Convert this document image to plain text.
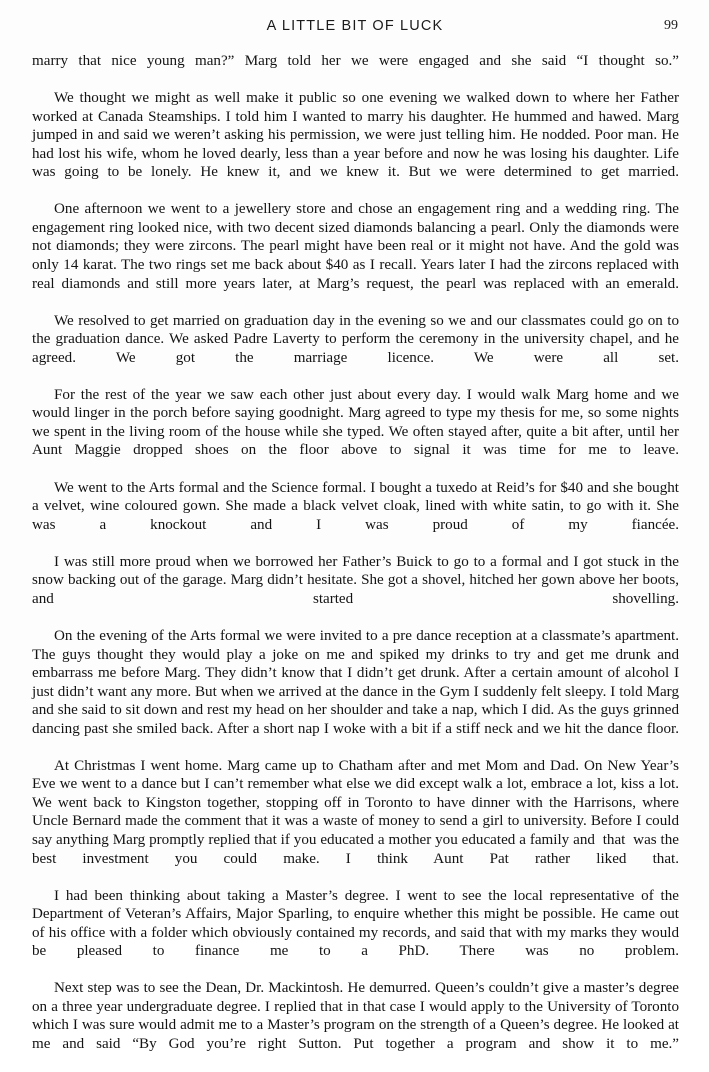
A LITTLE BIT OF LUCK	99

marry that nice young man?” Marg told her we were engaged and she said “I thought so.”

We thought we might as well make it public so one evening we walked down to where her Father worked at Canada Steamships. I told him I wanted to marry his daughter. He hummed and hawed. Marg jumped in and said we weren’t asking his permission, we were just telling him. He nodded. Poor man. He had lost his wife, whom he loved dearly, less than a year before and now he was losing his daughter. Life was going to be lonely. He knew it, and we knew it. But we were determined to get married.

One afternoon we went to a jewellery store and chose an engagement ring and a wedding ring. The engagement ring looked nice, with two decent sized diamonds balancing a pearl. Only the diamonds were not diamonds; they were zircons. The pearl might have been real or it might not have. And the gold was only 14 karat. The two rings set me back about $40 as I recall. Years later I had the zircons replaced with real diamonds and still more years later, at Marg’s request, the pearl was replaced with an emerald.

We resolved to get married on graduation day in the evening so we and our classmates could go on to the graduation dance. We asked Padre Laverty to perform the ceremony in the university chapel, and he agreed. We got the marriage licence. We were all set.

For the rest of the year we saw each other just about every day. I would walk Marg home and we would linger in the porch before saying goodnight. Marg agreed to type my thesis for me, so some nights we spent in the living room of the house while she typed. We often stayed after, quite a bit after, until her Aunt Maggie dropped shoes on the floor above to signal it was time for me to leave.

We went to the Arts formal and the Science formal. I bought a tuxedo at Reid’s for $40 and she bought a velvet, wine coloured gown. She made a black velvet cloak, lined with white satin, to go with it. She was a knockout and I was proud of my fiancée.

I was still more proud when we borrowed her Father’s Buick to go to a formal and I got stuck in the snow backing out of the garage. Marg didn’t hesitate. She got a shovel, hitched her gown above her boots, and started shovelling.

On the evening of the Arts formal we were invited to a pre dance reception at a classmate’s apartment. The guys thought they would play a joke on me and spiked my drinks to try and get me drunk and embarrass me before Marg. They didn’t know that I didn’t get drunk. After a certain amount of alcohol I just didn’t want any more. But when we arrived at the dance in the Gym I suddenly felt sleepy. I told Marg and she said to sit down and rest my head on her shoulder and take a nap, which I did. As the guys grinned dancing past she smiled back. After a short nap I woke with a bit if a stiff neck and we hit the dance floor.

At Christmas I went home. Marg came up to Chatham after and met Mom and Dad. On New Year’s Eve we went to a dance but I can’t remember what else we did except walk a lot, embrace a lot, kiss a lot. We went back to Kingston together, stopping off in Toronto to have dinner with the Harrisons, where Uncle Bernard made the comment that it was a waste of money to send a girl to university. Before I could say anything Marg promptly replied that if you educated a mother you educated a family and  that  was the best investment you could make. I think Aunt Pat rather liked that.

I had been thinking about taking a Master’s degree. I went to see the local representative of the Department of Veteran’s Affairs, Major Sparling, to enquire whether this might be possible. He came out of his office with a folder which obviously contained my records, and said that with my marks they would be pleased to finance me to a PhD. There was no problem.

Next step was to see the Dean, Dr. Mackintosh. He demurred. Queen’s couldn’t give a master’s degree on a three year undergraduate degree. I replied that in that case I would apply to the University of Toronto which I was sure would admit me to a Master’s program on the strength of a Queen’s degree. He looked at me and said “By God you’re right Sutton. Put together a program and show it to me.”
